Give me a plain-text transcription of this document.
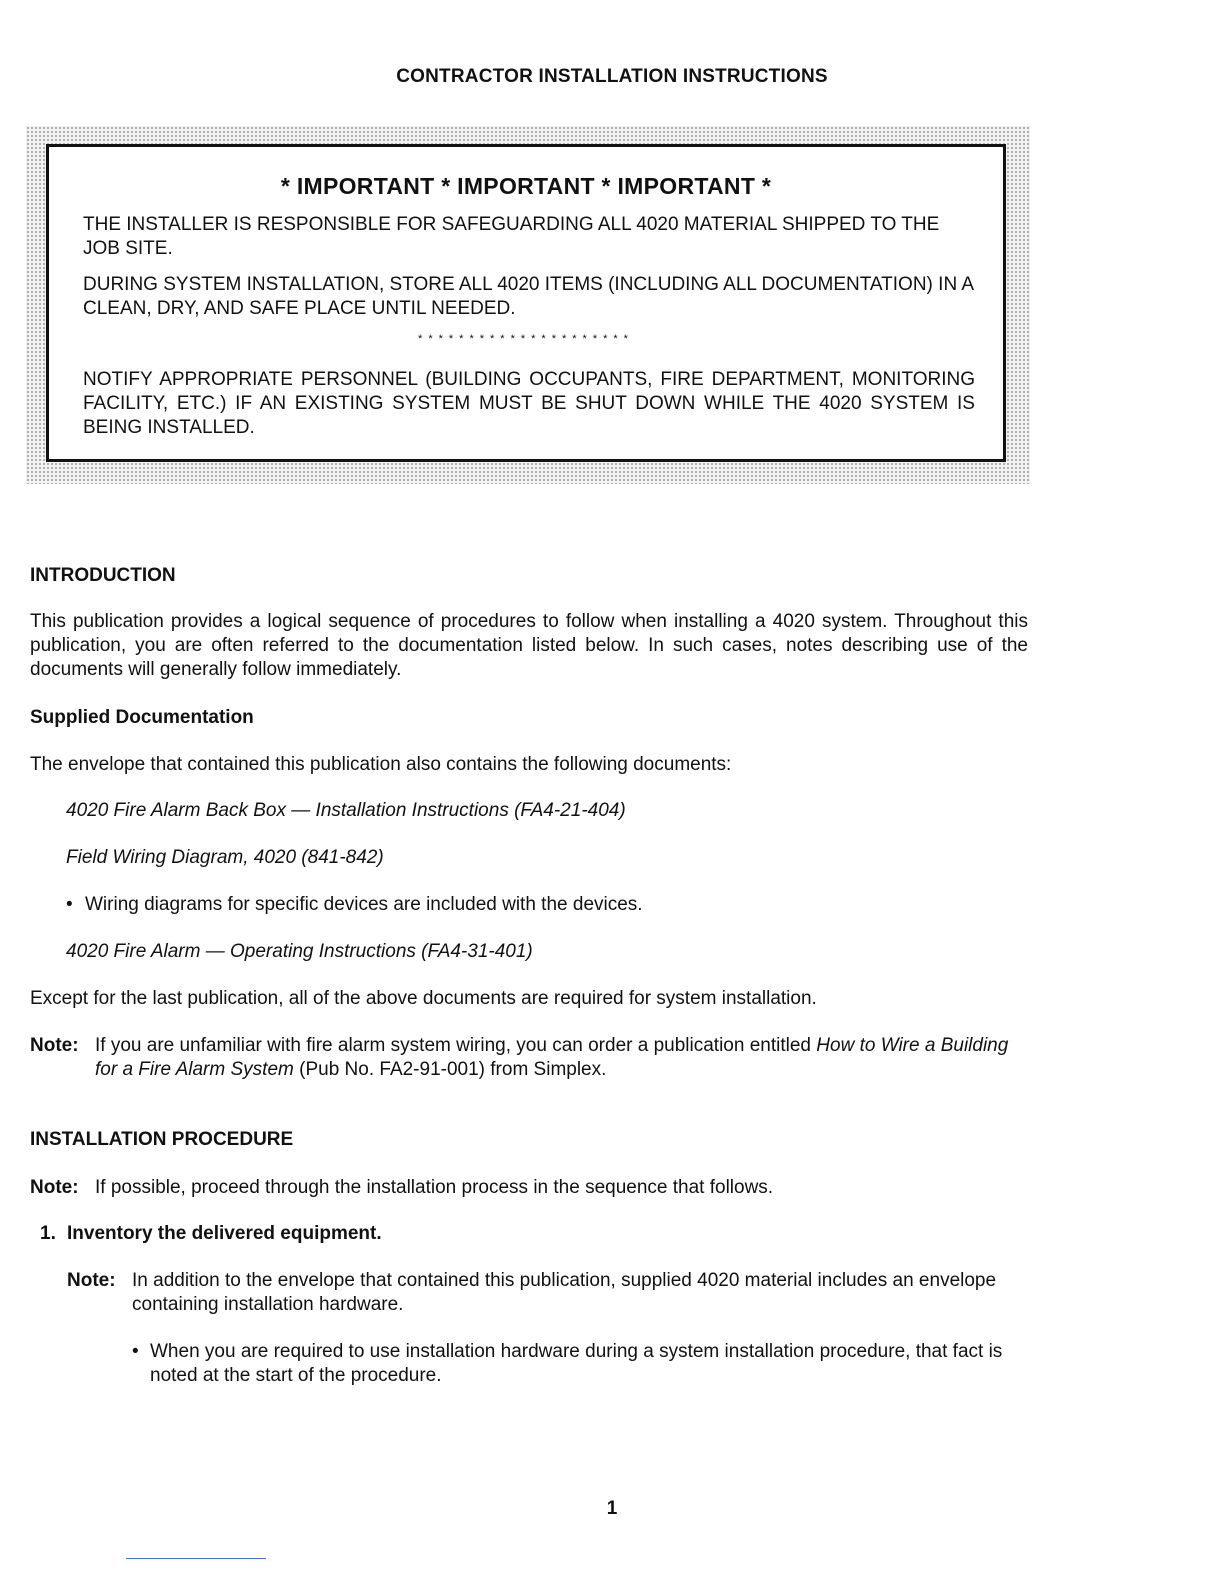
CONTRACTOR INSTALLATION INSTRUCTIONS
* IMPORTANT * IMPORTANT * IMPORTANT *
THE INSTALLER IS RESPONSIBLE FOR SAFEGUARDING ALL 4020 MATERIAL SHIPPED TO THE JOB SITE.
DURING SYSTEM INSTALLATION, STORE ALL 4020 ITEMS (INCLUDING ALL DOCUMENTATION) IN A CLEAN, DRY, AND SAFE PLACE UNTIL NEEDED.
*********************
NOTIFY APPROPRIATE PERSONNEL (BUILDING OCCUPANTS, FIRE DEPARTMENT, MONITORING FACILITY, ETC.) IF AN EXISTING SYSTEM MUST BE SHUT DOWN WHILE THE 4020 SYSTEM IS BEING INSTALLED.
INTRODUCTION
This publication provides a logical sequence of procedures to follow when installing a 4020 system. Throughout this publication, you are often referred to the documentation listed below. In such cases, notes describing use of the documents will generally follow immediately.
Supplied Documentation
The envelope that contained this publication also contains the following documents:
4020 Fire Alarm Back Box — Installation Instructions (FA4-21-404)
Field Wiring Diagram, 4020 (841-842)
• Wiring diagrams for specific devices are included with the devices.
4020 Fire Alarm — Operating Instructions (FA4-31-401)
Except for the last publication, all of the above documents are required for system installation.
Note: If you are unfamiliar with fire alarm system wiring, you can order a publication entitled How to Wire a Building for a Fire Alarm System (Pub No. FA2-91-001) from Simplex.
INSTALLATION PROCEDURE
Note: If possible, proceed through the installation process in the sequence that follows.
1. Inventory the delivered equipment.
Note: In addition to the envelope that contained this publication, supplied 4020 material includes an envelope containing installation hardware.
• When you are required to use installation hardware during a system installation procedure, that fact is noted at the start of the procedure.
1
